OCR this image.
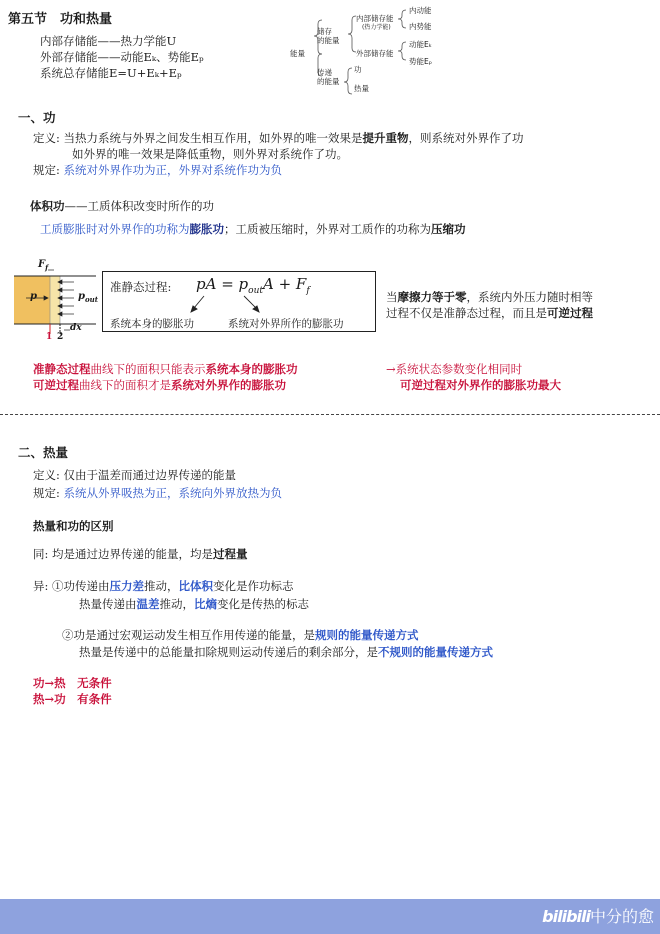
第五节　功和热量
内部存储能——热力学能U
外部存储能——动能Eₖ、势能Eₚ
系统总存储能E=U+Eₖ+Eₚ
能量
储存
的能量
传递
的能量
内部储存能
(热力学能)
外部储存能
内动能
内势能
动能Eₖ
势能Eₚ
功
热量
一、功
定义: 当热力系统与外界之间发生相互作用，如外界的唯一效果是提升重物，则系统对外界作了功
如外界的唯一效果是降低重物，则外界对系统作了功。
规定: 系统对外界作功为正，外界对系统作功为负
体积功——工质体积改变时所作的功
工质膨胀时对外界作的功称为膨胀功；工质被压缩时，外界对工质作的功称为压缩功
$F_f$
p	$p_{out}$
1 2
dx
准静态过程: pA = $p_{out}A + F_f$
系统本身的膨胀功	系统对外界所作的膨胀功
当摩擦力等于零，系统内外压力随时相等
过程不仅是准静态过程，而且是可逆过程
准静态过程曲线下的面积只能表示系统本身的膨胀功
可逆过程曲线下的面积才是系统对外界作的膨胀功
→系统状态参数变化相同时
可逆过程对外界作的膨胀功最大
二、热量
定义: 仅由于温差而通过边界传递的能量
规定: 系统从外界吸热为正，系统向外界放热为负
热量和功的区别
同: 均是通过边界传递的能量，均是过程量
异: ①功传递由压力差推动，比体积变化是作功标志
热量传递由温差推动，比熵变化是传热的标志
②功是通过宏观运动发生相互作用传递的能量，是规则的能量传递方式
热量是传递中的总能量扣除规则运动传递后的剩余部分，是不规则的能量传递方式
功→热　无条件
热→功　有条件
bilibili中分的愈
